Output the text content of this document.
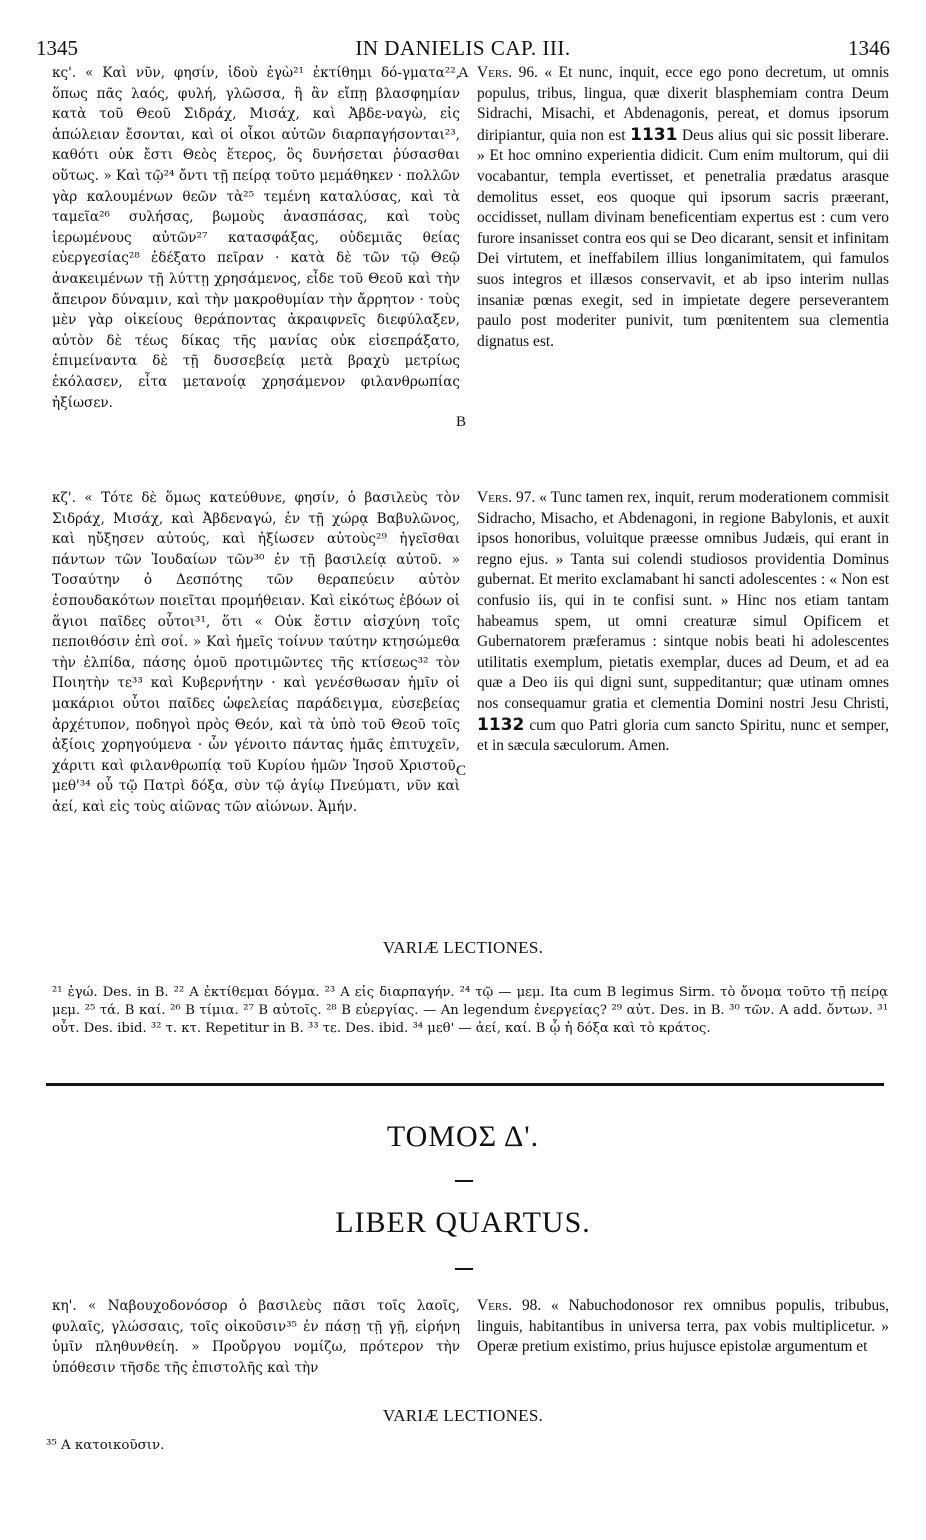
1345	IN DANIELIS CAP. III.	1346
A
B
C

κς'. « Καὶ νῦν, φησίν, ἰδοὺ ἐγὼ²¹ ἐκτίθημι δό-γματα²², ὅπως πᾶς λαός, φυλή, γλῶσσα, ἣ ἂν εἴπῃ βλασφημίαν κατὰ τοῦ Θεοῦ Σιδράχ, Μισάχ, καὶ Ἀβδε-ναγὼ, εἰς ἀπώλειαν ἔσονται, καὶ οἱ οἶκοι αὐτῶν διαρπαγήσονται²³, καθότι οὐκ ἔστι Θεὸς ἕτερος, ὃς δυνήσεται ῥύσασθαι οὕτως. » Καὶ τῷ²⁴ ὄντι τῇ πείρᾳ τοῦτο μεμάθηκεν · πολλῶν γὰρ καλουμένων θεῶν τὰ²⁵ τεμένη καταλύσας, καὶ τὰ ταμεῖα²⁶ συλήσας, βωμοὺς ἀνασπάσας, καὶ τοὺς ἱερωμένους αὐτῶν²⁷ κατασφάξας, οὐδεμιᾶς θείας εὐεργεσίας²⁸ ἐδέξατο πεῖραν · κατὰ δὲ τῶν τῷ Θεῷ ἀνακειμένων τῇ λύττῃ χρησάμενος, εἶδε τοῦ Θεοῦ καὶ τὴν ἄπειρον δύναμιν, καὶ τὴν μακροθυμίαν τὴν ἄρρητον · τοὺς μὲν γὰρ οἰκείους θεράποντας ἀκραιφνεῖς διεφύλαξεν, αὐτὸν δὲ τέως δίκας τῆς μανίας οὐκ εἰσεπράξατο, ἐπιμείναντα δὲ τῇ δυσσεβείᾳ μετὰ βραχὺ μετρίως ἐκόλασεν, εἶτα μετανοίᾳ χρησάμενον φιλανθρωπίας ἠξίωσεν.

Vers. 96. « Et nunc, inquit, ecce ego pono decretum, ut omnis populus, tribus, lingua, quæ dixerit blasphemiam contra Deum Sidrachi, Misachi, et Abdenagonis, pereat, et domus ipsorum diripiantur, quia non est 1131 Deus alius qui sic possit liberare. » Et hoc omnino experientia didicit. Cum enim multorum, qui dii vocabantur, templa evertisset, et penetralia prædatus arasque demolitus esset, eos quoque qui ipsorum sacris præerant, occidisset, nullam divinam beneficentiam expertus est : cum vero furore insanisset contra eos qui se Deo dicarant, sensit et infinitam Dei virtutem, et ineffabilem illius longanimitatem, qui famulos suos integros et illæsos conservavit, et ab ipso interim nullas insaniæ pœnas exegit, sed in impietate degere perseverantem paulo post moderiter punivit, tum pœnitentem sua clementia dignatus est.

κζ'. « Τότε δὲ ὅμως κατεύθυνε, φησίν, ὁ βασιλεὺς τὸν Σιδράχ, Μισάχ, καὶ Ἀβδεναγώ, ἐν τῇ χώρᾳ Βαβυλῶνος, καὶ ηὔξησεν αὐτούς, καὶ ἠξίωσεν αὐτοὺς²⁹ ἡγεῖσθαι πάντων τῶν Ἰουδαίων τῶν³⁰ ἐν τῇ βασιλείᾳ αὐτοῦ. » Τοσαύτην ὁ Δεσπότης τῶν θεραπεύειν αὐτὸν ἐσπουδακότων ποιεῖται προμήθειαν. Καὶ εἰκότως ἐβόων οἱ ἅγιοι παῖδες οὗτοι³¹, ὅτι « Οὐκ ἔστιν αἰσχύνη τοῖς πεποιθόσιν ἐπὶ σοί. » Καὶ ἡμεῖς τοίνυν ταύτην κτησώμεθα τὴν ἐλπίδα, πάσης ὁμοῦ προτιμῶντες τῆς κτίσεως³² τὸν Ποιητὴν τε³³ καὶ Κυβερνήτην · καὶ γενέσθωσαν ἡμῖν οἱ μακάριοι οὗτοι παῖδες ὠφελείας παράδειγμα, εὐσεβείας ἀρχέτυπον, ποδηγοὶ πρὸς Θεόν, καὶ τὰ ὑπὸ τοῦ Θεοῦ τοῖς ἀξίοις χορηγούμενα · ὧν γένοιτο πάντας ἡμᾶς ἐπιτυχεῖν, χάριτι καὶ φιλανθρωπίᾳ τοῦ Κυρίου ἡμῶν Ἰησοῦ Χριστοῦ, μεθ'³⁴ οὗ τῷ Πατρὶ δόξα, σὺν τῷ ἁγίῳ Πνεύματι, νῦν καὶ ἀεί, καὶ εἰς τοὺς αἰῶνας τῶν αἰώνων. Ἀμήν.

Vers. 97. « Tunc tamen rex, inquit, rerum moderationem commisit Sidracho, Misacho, et Abdenagoni, in regione Babylonis, et auxit ipsos honoribus, voluitque præesse omnibus Judæis, qui erant in regno ejus. » Tanta sui colendi studiosos providentia Dominus gubernat. Et merito exclamabant hi sancti adolescentes : « Non est confusio iis, qui in te confisi sunt. » Hinc nos etiam tantam habeamus spem, ut omni creaturæ simul Opificem et Gubernatorem præferamus : sintque nobis beati hi adolescentes utilitatis exemplum, pietatis exemplar, duces ad Deum, et ad ea quæ a Deo iis qui digni sunt, suppeditantur; quæ utinam omnes nos consequamur gratia et clementia Domini nostri Jesu Christi, 1132 cum quo Patri gloria cum sancto Spiritu, nunc et semper, et in sæcula sæculorum. Amen.

VARIÆ LECTIONES.
²¹ ἐγώ. Des. in B. ²² A ἐκτίθεμαι δόγμα. ²³ A εἰς διαρπαγήν. ²⁴ τῷ — μεμ. Ita cum B legimus Sirm. τὸ ὄνομα τοῦτο τῇ πείρᾳ μεμ. ²⁵ τά. B καί. ²⁶ B τίμια. ²⁷ B αὐτοῖς. ²⁸ B εὐεργίας. — An legendum ἐνεργείας? ²⁹ αὐτ. Des. in B. ³⁰ τῶν. A add. ὄντων. ³¹ οὖτ. Des. ibid. ³² τ. κτ. Repetitur in B. ³³ τε. Des. ibid. ³⁴ μεθ' — ἀεί, καί. B ᾧ ἡ δόξα καὶ τὸ κράτος.
ΤΟΜΟΣ Δ'.
LIBER QUARTUS.

κη'. « Ναβουχοδονόσορ ὁ βασιλεὺς πᾶσι τοῖς λαοῖς, φυλαῖς, γλώσσαις, τοῖς οἰκοῦσιν³⁵ ἐν πάσῃ τῇ γῇ, εἰρήνη ὑμῖν πληθυνθείη. » Προὔργου νομίζω, πρότερον τὴν ὑπόθεσιν τῆσδε τῆς ἐπιστολῆς καὶ τὴν

Vers. 98. « Nabuchodonosor rex omnibus populis, tribubus, linguis, habitantibus in universa terra, pax vobis multiplicetur. » Operæ pretium existimo, prius hujusce epistolæ argumentum et

VARIÆ LECTIONES.
³⁵ A κατοικοῦσιν.
